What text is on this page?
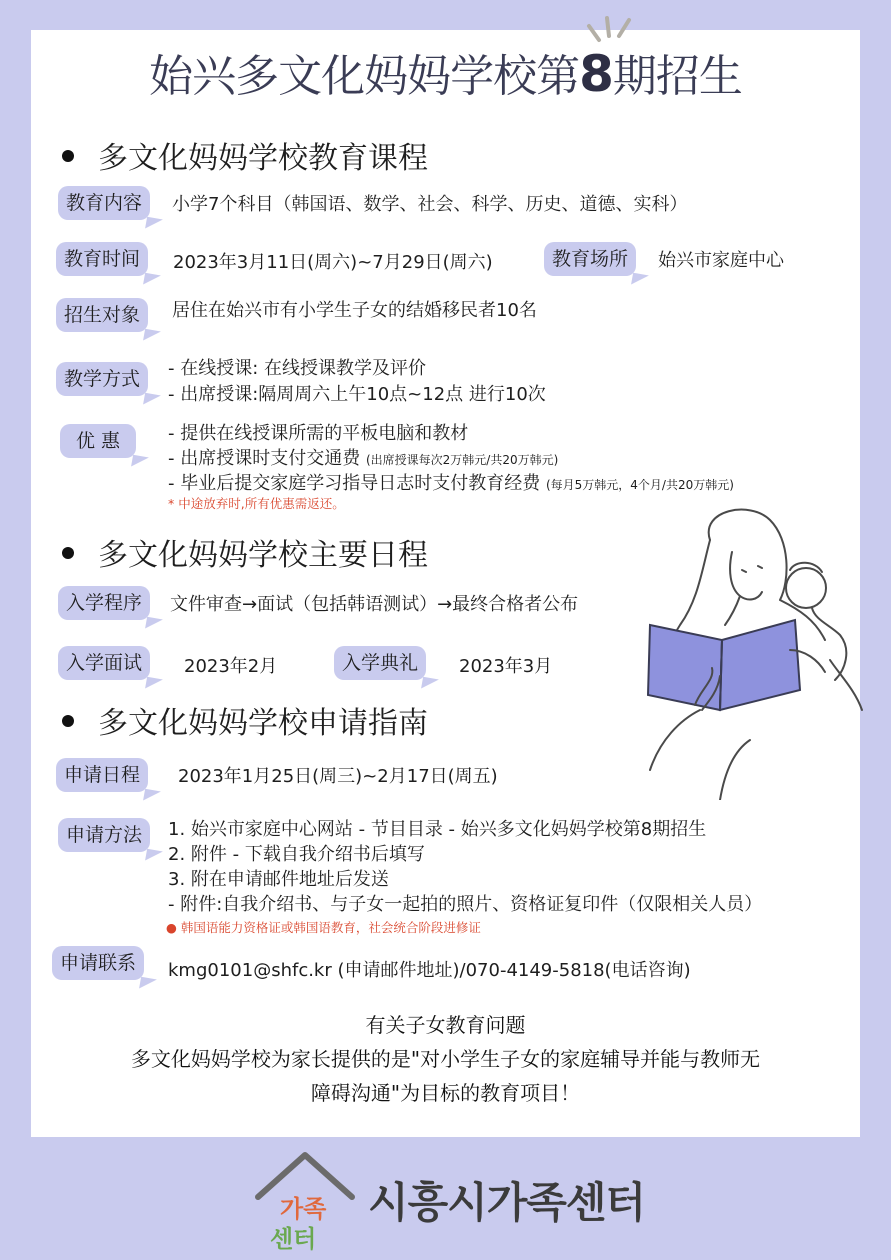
始兴多文化妈妈学校第8期招生
多文化妈妈学校教育课程
教育内容	小学7个科目（韩国语、数学、社会、科学、历史、道德、实科）
教育时间	2023年3月11日(周六)~7月29日(周六)	教育场所	始兴市家庭中心
招生对象	居住在始兴市有小学生子女的结婚移民者10名
教学方式	- 在线授课: 在线授课教学及评价
- 出席授课:隔周周六上午10点~12点 进行10次
优 惠	- 提供在线授课所需的平板电脑和教材
- 出席授课时支付交通费 (出席授课每次2万韩元/共20万韩元)
- 毕业后提交家庭学习指导日志时支付教育经费 (每月5万韩元，4个月/共20万韩元)
* 中途放弃时,所有优惠需返还。
多文化妈妈学校主要日程
入学程序	文件审查→面试（包括韩语测试）→最终合格者公布
入学面试	2023年2月	入学典礼	2023年3月
多文化妈妈学校申请指南
申请日程	2023年1月25日(周三)~2月17日(周五)
申请方法	1. 始兴市家庭中心网站 - 节目目录 - 始兴多文化妈妈学校第8期招生
2. 附件 - 下载自我介绍书后填写
3. 附在申请邮件地址后发送
- 附件:自我介绍书、与子女一起拍的照片、资格证复印件（仅限相关人员）
● 韩国语能力资格证或韩国语教育，社会统合阶段进修证
申请联系	kmg0101@shfc.kr (申请邮件地址)/070-4149-5818(电话咨询)
有关子女教育问题
多文化妈妈学校为家长提供的是"对小学生子女的家庭辅导并能与教师无
障碍沟通"为目标的教育项目！
가족
센터
시흥시가족센터
